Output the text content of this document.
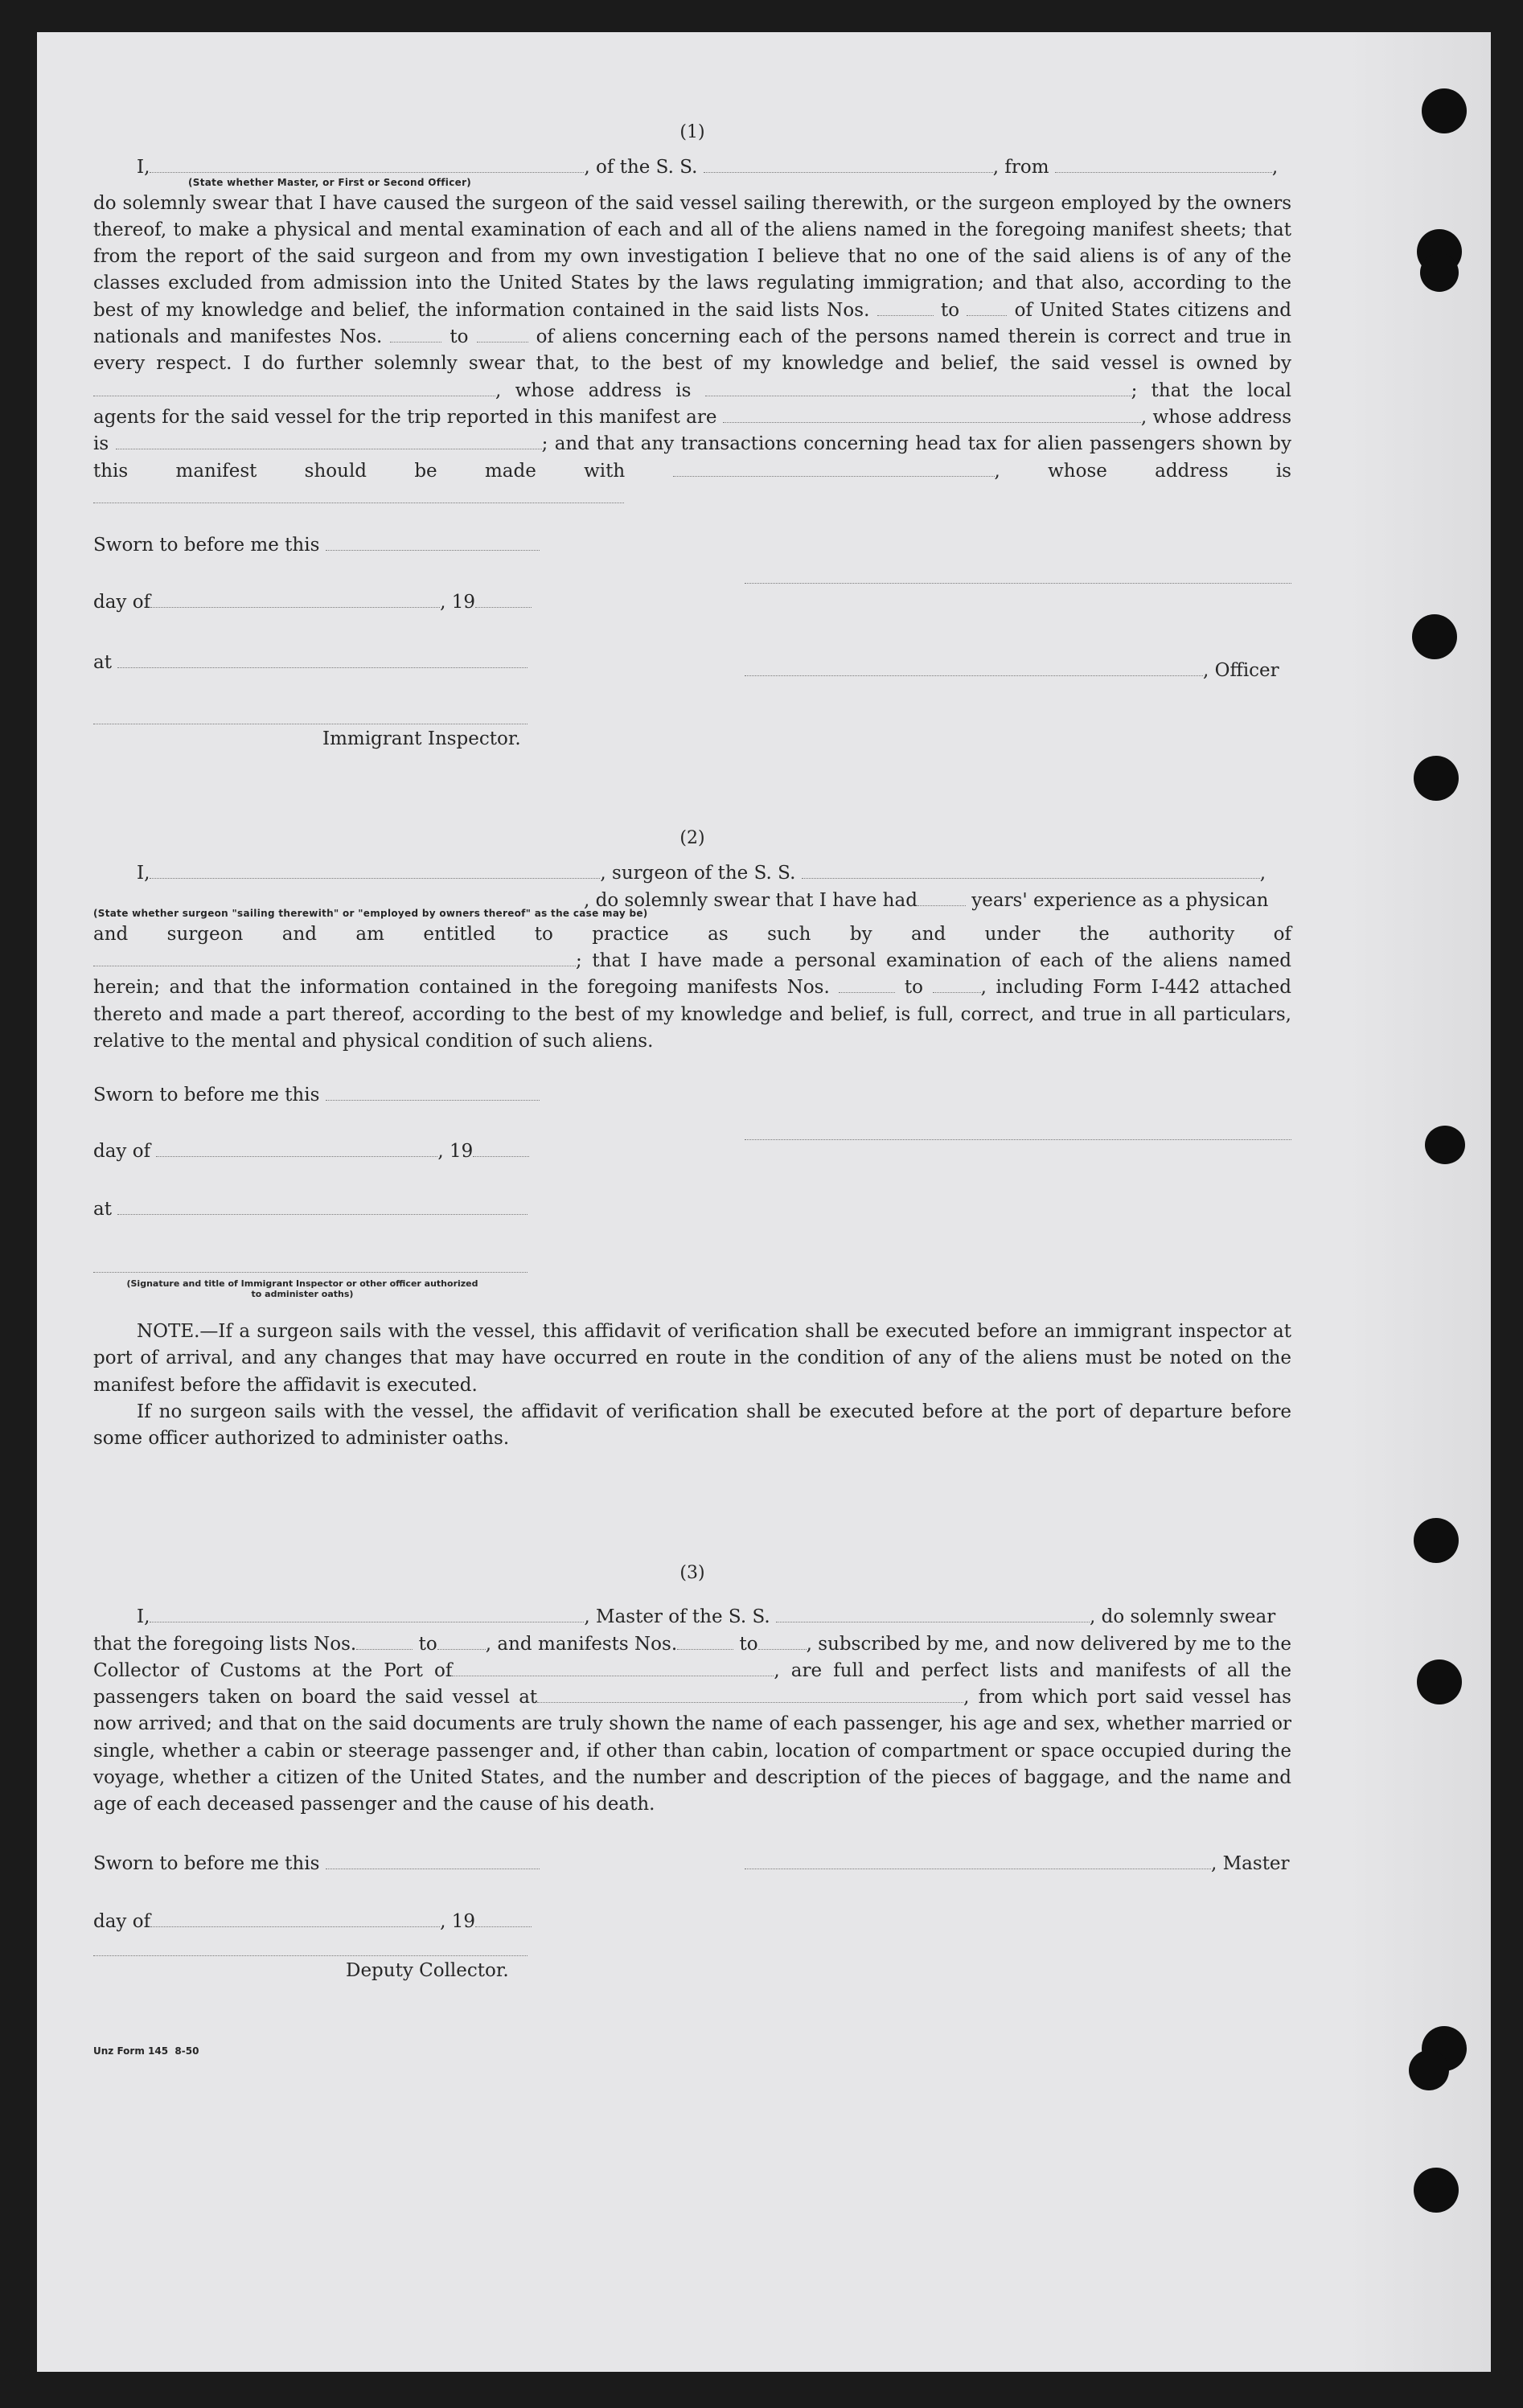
(1)

I,	, of the S. S.	, from	,

(State whether Master, or First or Second Officer)

do solemnly swear that I have caused the surgeon of the said vessel sailing therewith, or the surgeon employed by the owners thereof, to make a physical and mental examination of each and all of the aliens named in the foregoing manifest sheets; that from the report of the said surgeon and from my own investigation I believe that no one of the said aliens is of any of the classes excluded from admission into the United States by the laws regulating immigration; and that also, according to the best of my knowledge and belief, the information contained in the said lists Nos.	to	of United States citizens and nationals and manifestes Nos.	to	of aliens concerning each of the persons named therein is correct and true in every respect. I do further solemnly swear that, to the best of my knowledge and belief, the said vessel is owned by , whose address is	; that the local agents for the said vessel for the trip reported in this manifest are	, whose address is	; and that any transactions concerning head tax for alien passengers shown by this manifest should be made with	, whose address is

Sworn to before me this
day of	, 19
at	, Officer
Immigrant Inspector.

(2)

I,	, surgeon of the S. S.	,

, do solemnly swear that I have had	years' experience as a physican

(State whether surgeon "sailing therewith" or "employed by owners thereof" as the case may be)

and surgeon and am entitled to practice as such by and under the authority of; that I have made a personal examination of each of the aliens named herein; and that the information contained in the foregoing manifests Nos.	to	, including Form I-442 attached thereto and made a part thereof, according to the best of my knowledge and belief, is full, correct, and true in all particulars, relative to the mental and physical condition of such aliens.

Sworn to before me this
day of	, 19
at
(Signature and title of Immigrant Inspector or other officer authorized to administer oaths)

NOTE.—If a surgeon sails with the vessel, this affidavit of verification shall be executed before an immigrant inspector at port of arrival, and any changes that may have occurred en route in the condition of any of the aliens must be noted on the manifest before the affidavit is executed.

If no surgeon sails with the vessel, the affidavit of verification shall be executed before at the port of departure before some officer authorized to administer oaths.

(3)

I,	, Master of the S. S.	, do solemnly swear

that the foregoing lists Nos.	to	, and manifests Nos.	to	, subscribed by me, and now delivered by me to the Collector of Customs at the Port of	, are full and perfect lists and manifests of all the passengers taken on board the said vessel at	, from which port said vessel has now arrived; and that on the said documents are truly shown the name of each passenger, his age and sex, whether married or single, whether a cabin or steerage passenger and, if other than cabin, location of compartment or space occupied during the voyage, whether a citizen of the United States, and the number and description of the pieces of baggage, and the name and age of each deceased passenger and the cause of his death.

Sworn to before me this	, Master
day of	, 19
Deputy Collector.
Unz Form 145 8-50
